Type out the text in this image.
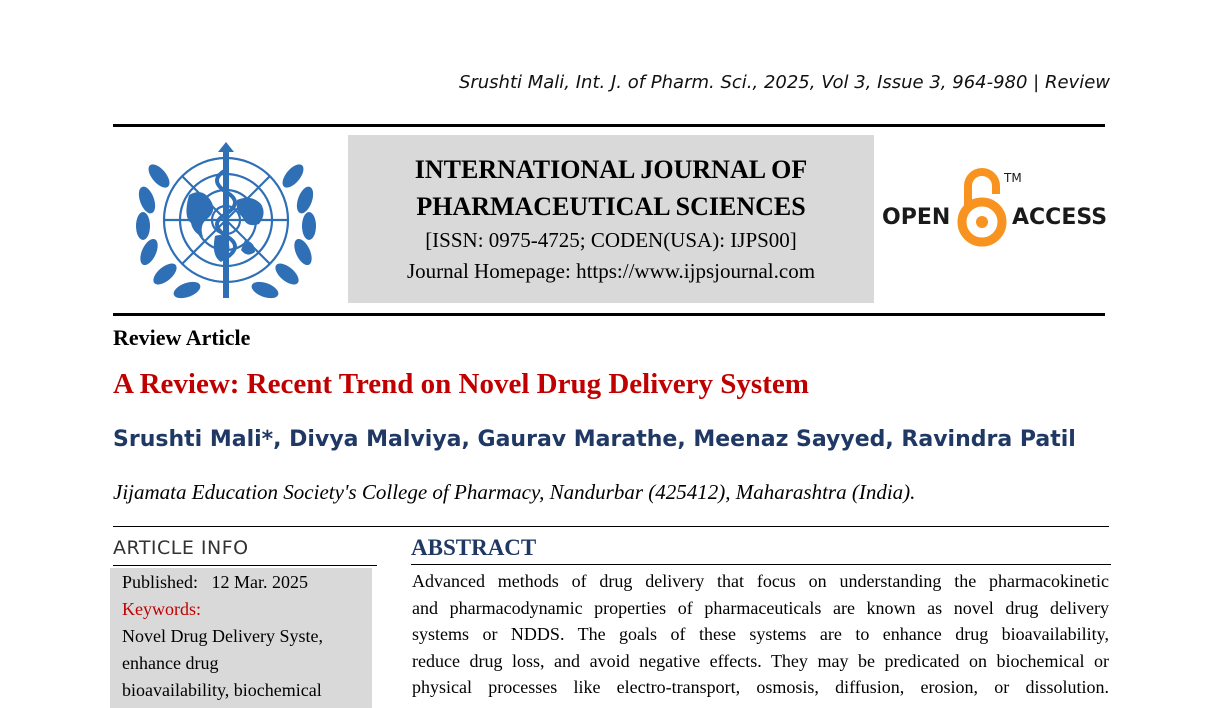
Srushti Mali, Int. J. of Pharm. Sci., 2025, Vol 3, Issue 3, 964-980 | Review
INTERNATIONAL JOURNAL OF
PHARMACEUTICAL SCIENCES
[ISSN: 0975-4725; CODEN(USA): IJPS00]
Journal Homepage: https://www.ijpsjournal.com
OPEN	ACCESS
TM
Review Article
A Review: Recent Trend on Novel Drug Delivery System
Srushti Mali*, Divya Malviya, Gaurav Marathe, Meenaz Sayyed, Ravindra Patil
Jijamata Education Society's College of Pharmacy, Nandurbar (425412), Maharashtra (India).
ARTICLE INFO
Published: 12 Mar. 2025
Keywords:
Novel Drug Delivery Syste,
enhance drug
bioavailability, biochemical
ABSTRACT
Advanced methods of drug delivery that focus on understanding the pharmacokinetic
and pharmacodynamic properties of pharmaceuticals are known as novel drug delivery
systems or NDDS. The goals of these systems are to enhance drug bioavailability,
reduce drug loss, and avoid negative effects. They may be predicated on biochemical or
physical processes like electro-transport, osmosis, diffusion, erosion, or dissolution.
